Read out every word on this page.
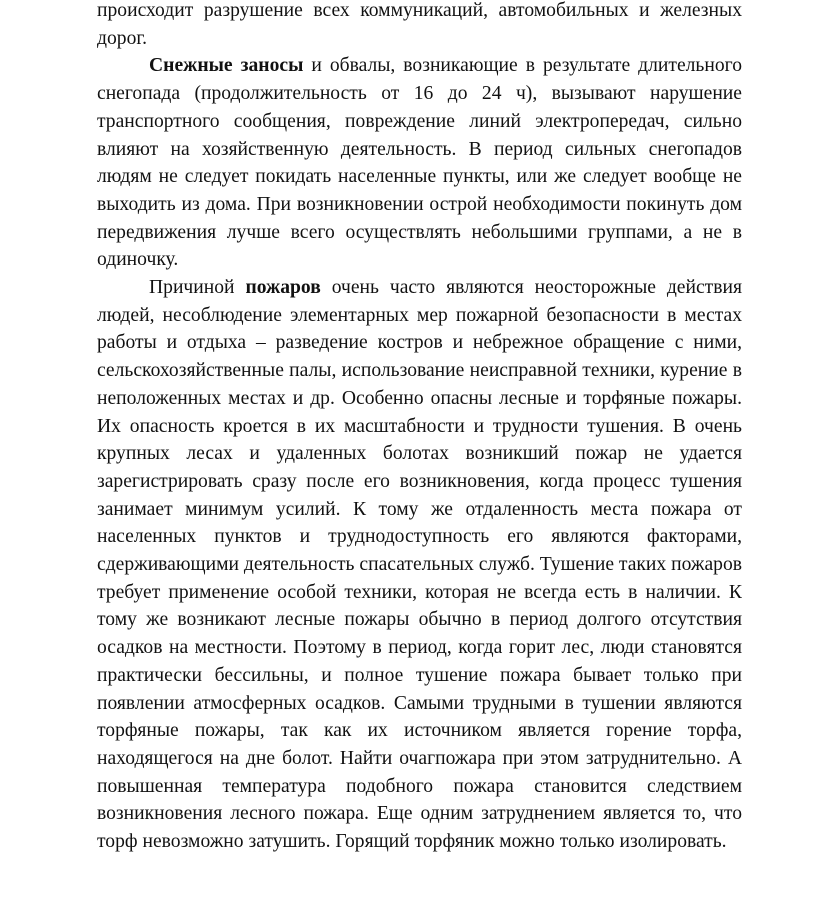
происходит разрушение всех коммуникаций, автомобильных и железных дорог.

Снежные заносы и обвалы, возникающие в результате длительного снегопада (продолжительность от 16 до 24 ч), вызывают нарушение транспортного сообщения, повреждение линий электропередач, сильно влияют на хозяйственную деятельность. В период сильных снегопадов людям не следует покидать населенные пункты, или же следует вообще не выходить из дома. При возникновении острой необходимости покинуть дом передвижения лучше всего осуществлять небольшими группами, а не в одиночку.

Причиной пожаров очень часто являются неосторожные действия людей, несоблюдение элементарных мер пожарной безопасности в местах работы и отдыха – разведение костров и небрежное обращение с ними, сельскохозяйственные палы, использование неисправной техники, курение в неположенных местах и др. Особенно опасны лесные и торфяные пожары. Их опасность кроется в их масштабности и трудности тушения. В очень крупных лесах и удаленных болотах возникший пожар не удается зарегистрировать сразу после его возникновения, когда процесс тушения занимает минимум усилий. К тому же отдаленность места пожара от населенных пунктов и труднодоступность его являются факторами, сдерживающими деятельность спасательных служб. Тушение таких пожаров требует применение особой техники, которая не всегда есть в наличии. К тому же возникают лесные пожары обычно в период долгого отсутствия осадков на местности. Поэтому в период, когда горит лес, люди становятся практически бессильны, и полное тушение пожара бывает только при появлении атмосферных осадков. Самыми трудными в тушении являются торфяные пожары, так как их источником является горение торфа, находящегося на дне болот. Найти очагпожара при этом затруднительно. А повышенная температура подобного пожара становится следствием возникновения лесного пожара. Еще одним затруднением является то, что торф невозможно затушить. Горящий торфяник можно только изолировать.
